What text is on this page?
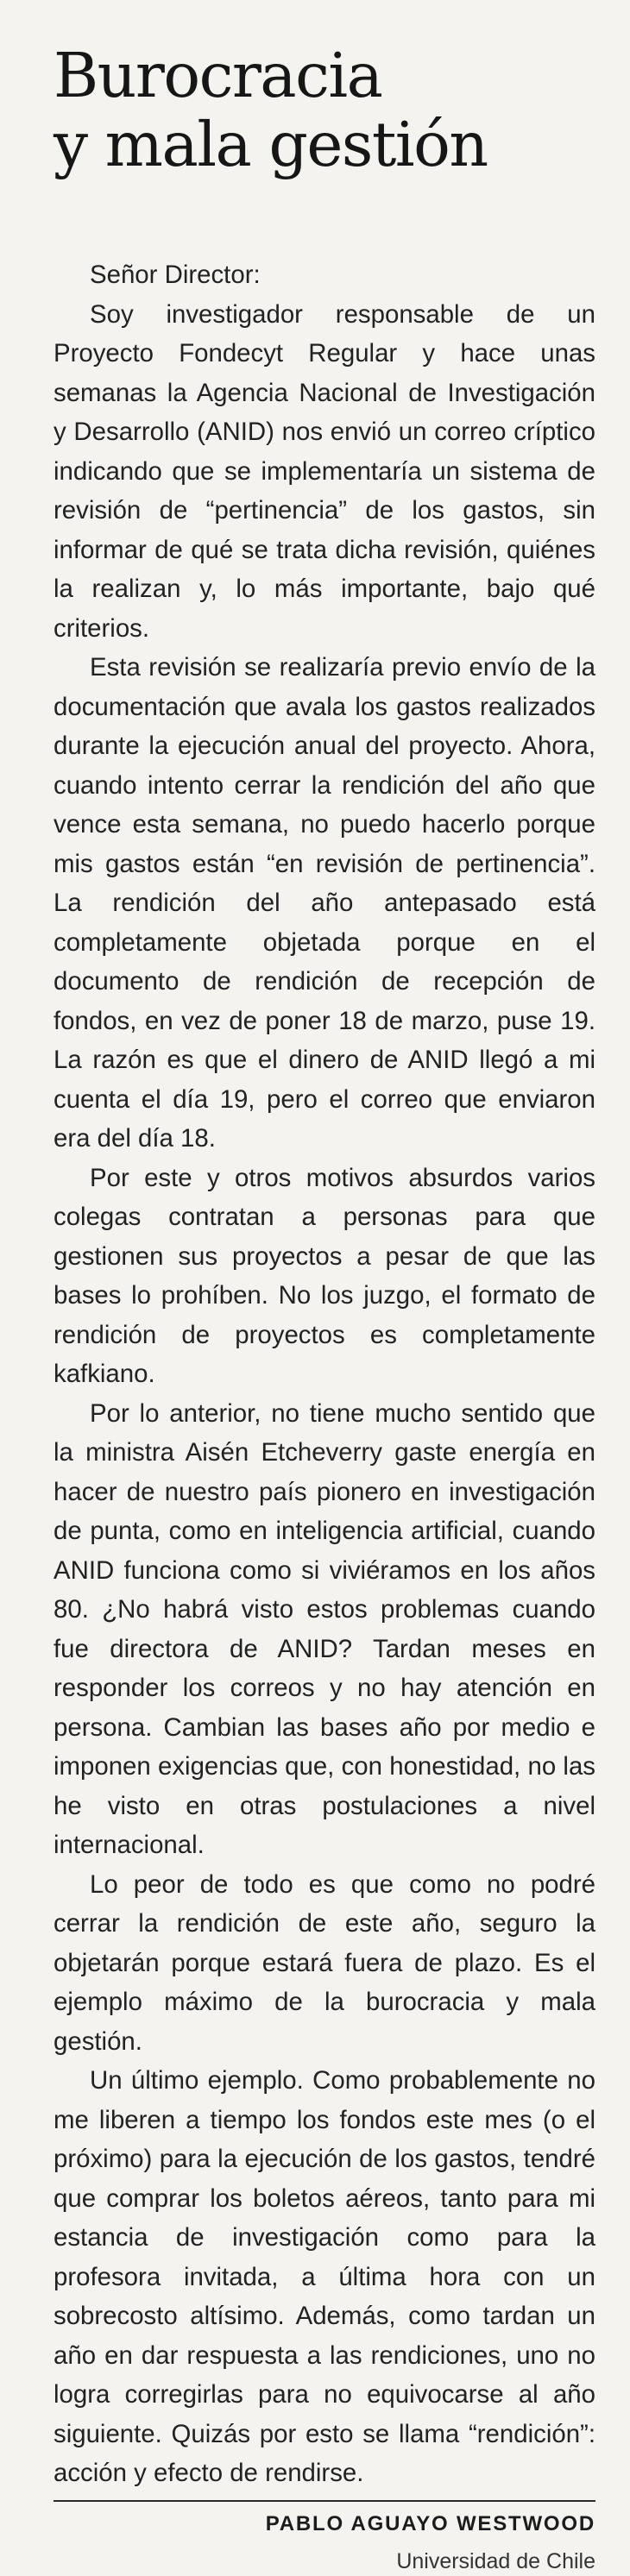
Burocracia
y mala gestión

Señor Director:

Soy investigador responsable de un Proyecto Fondecyt Regular y hace unas semanas la Agencia Nacional de Investigación y Desarrollo (ANID) nos envió un correo críptico indicando que se implementaría un sistema de revisión de “pertinencia” de los gastos, sin informar de qué se trata dicha revisión, quiénes la realizan y, lo más importante, bajo qué criterios.

Esta revisión se realizaría previo envío de la documentación que avala los gastos realizados durante la ejecución anual del proyecto. Ahora, cuando intento cerrar la rendición del año que vence esta semana, no puedo hacerlo porque mis gastos están “en revisión de pertinencia”. La rendición del año antepasado está completamente objetada porque en el documento de rendición de recepción de fondos, en vez de poner 18 de marzo, puse 19. La razón es que el dinero de ANID llegó a mi cuenta el día 19, pero el correo que enviaron era del día 18.

Por este y otros motivos absurdos varios colegas contratan a personas para que gestionen sus proyectos a pesar de que las bases lo prohíben. No los juzgo, el formato de rendición de proyectos es completamente kafkiano.

Por lo anterior, no tiene mucho sentido que la ministra Aisén Etcheverry gaste energía en hacer de nuestro país pionero en investigación de punta, como en inteligencia artificial, cuando ANID funciona como si viviéramos en los años 80. ¿No habrá visto estos problemas cuando fue directora de ANID? Tardan meses en responder los correos y no hay atención en persona. Cambian las bases año por medio e imponen exigencias que, con honestidad, no las he visto en otras postulaciones a nivel internacional.

Lo peor de todo es que como no podré cerrar la rendición de este año, seguro la objetarán porque estará fuera de plazo. Es el ejemplo máximo de la burocracia y mala gestión.

Un último ejemplo. Como probablemente no me liberen a tiempo los fondos este mes (o el próximo) para la ejecución de los gastos, tendré que comprar los boletos aéreos, tanto para mi estancia de investigación como para la profesora invitada, a última hora con un sobrecosto altísimo. Además, como tardan un año en dar respuesta a las rendiciones, uno no logra corregirlas para no equivocarse al año siguiente. Quizás por esto se llama “rendición”: acción y efecto de rendirse.

PABLO AGUAYO WESTWOOD
Universidad de Chile
